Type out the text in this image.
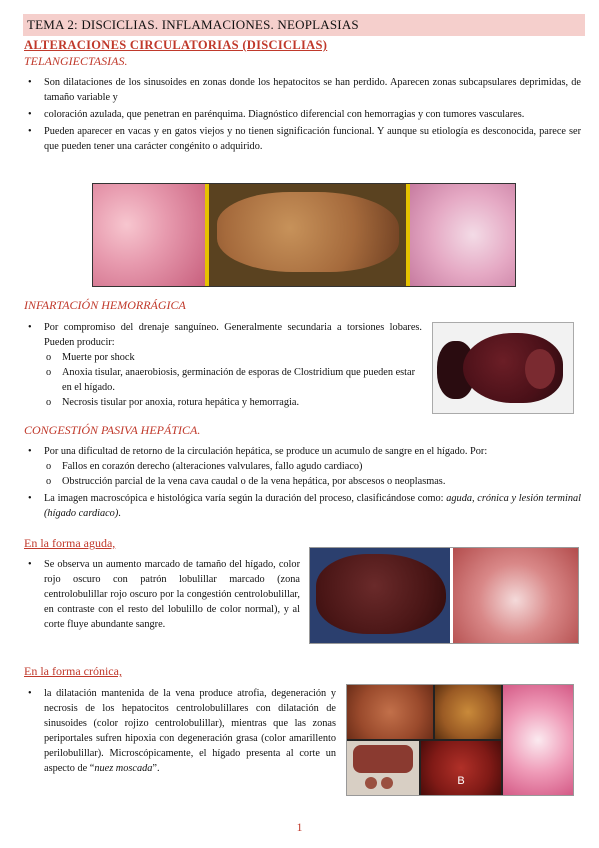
TEMA 2: DISCICLIAS. INFLAMACIONES. NEOPLASIAS
ALTERACIONES CIRCULATORIAS (DISCICLIAS)
TELANGIECTASIAS.
• Son dilataciones de los sinusoides en zonas donde los hepatocitos se han perdido. Aparecen zonas subcapsulares deprimidas, de tamaño variable y
• coloración azulada, que penetran en parénquima. Diagnóstico diferencial con hemorragias y con tumores vasculares.
• Pueden aparecer en vacas y en gatos viejos y no tienen significación funcional. Y aunque su etiología es desconocida, parece ser que pueden tener una carácter congénito o adquirido.
INFARTACIÓN HEMORRÁGICA
• Por compromiso del drenaje sanguíneo. Generalmente secundaria a torsiones lobares. Pueden producir:
o Muerte por shock
o Anoxia tisular, anaerobiosis, germinación de esporas de Clostridium que pueden estar en el hígado.
o Necrosis tisular por anoxia, rotura hepática y hemorragia.
CONGESTIÓN PASIVA HEPÁTICA.
• Por una dificultad de retorno de la circulación hepática, se produce un acumulo de sangre en el hígado. Por:
o Fallos en corazón derecho (alteraciones valvulares, fallo agudo cardiaco)
o Obstrucción parcial de la vena cava caudal o de la vena hepática, por abscesos o neoplasmas.
• La imagen macroscópica e histológica varía según la duración del proceso, clasificándose como: aguda, crónica y lesión terminal (hígado cardiaco).
En la forma aguda,
• Se observa un aumento marcado de tamaño del hígado, color rojo oscuro con patrón lobulillar marcado (zona centrolobulillar rojo oscuro por la congestión centrolobulillar, en contraste con el resto del lobulillo de color normal), y al corte fluye abundante sangre.
En la forma crónica,
• la dilatación mantenida de la vena produce atrofia, degeneración y necrosis de los hepatocitos centrolobulillares con dilatación de sinusoides (color rojizo centrolobulillar), mientras que las zonas periportales sufren hipoxia con degeneración grasa (color amarillento perilobulillar). Microscópicamente, el hígado presenta al corte un aspecto de “nuez moscada”.
B
1
